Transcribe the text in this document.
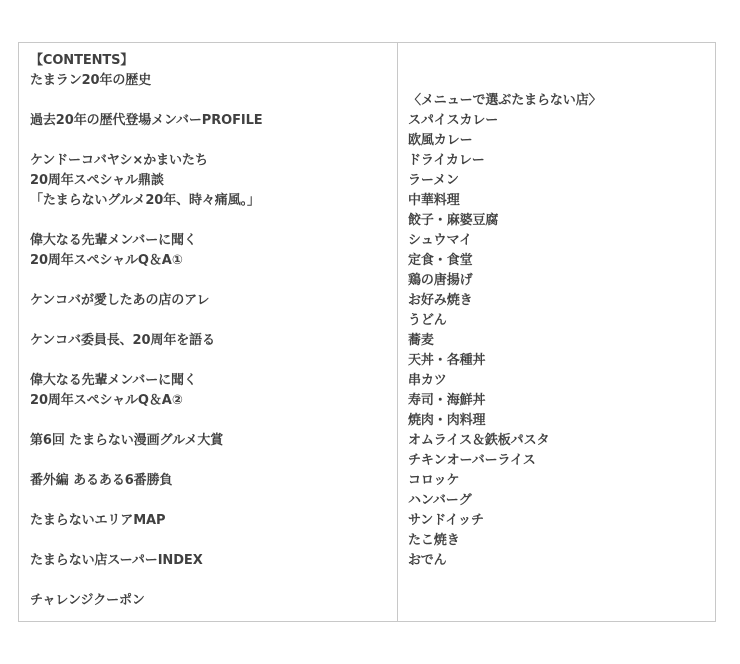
【CONTENTS】
たまラン20年の歴史
過去20年の歴代登場メンバーPROFILE
ケンドーコバヤシ×かまいたち
20周年スペシャル鼎談
「たまらないグルメ20年、時々痛風。」
偉大なる先輩メンバーに聞く
20周年スペシャルQ＆A①
ケンコバが愛したあの店のアレ
ケンコバ委員長、20周年を語る
偉大なる先輩メンバーに聞く
20周年スペシャルQ＆A②
第6回 たまらない漫画グルメ大賞
番外編 あるある6番勝負
たまらないエリアMAP
たまらない店スーパーINDEX
チャレンジクーポン
〈メニューで選ぶたまらない店〉
スパイスカレー
欧風カレー
ドライカレー
ラーメン
中華料理
餃子・麻婆豆腐
シュウマイ
定食・食堂
鶏の唐揚げ
お好み焼き
うどん
蕎麦
天丼・各種丼
串カツ
寿司・海鮮丼
焼肉・肉料理
オムライス＆鉄板パスタ
チキンオーバーライス
コロッケ
ハンバーグ
サンドイッチ
たこ焼き
おでん
